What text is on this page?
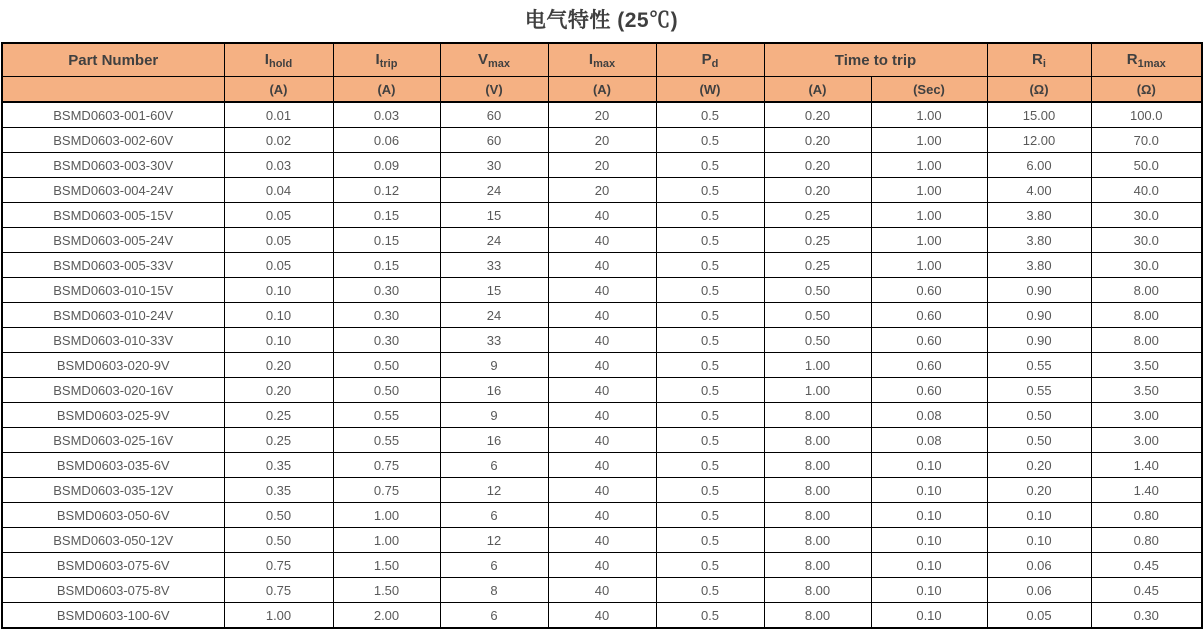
电气特性 (25℃)
Part Number	$I_{hold}$	$I_{trip}$	$V_{max}$	$I_{max}$	$P_d$	Time to trip		$R_i$	$R_{1max}$
	(A)	(A)	(V)	(A)	(W)	(A)	(Sec)	(Ω)	(Ω)
BSMD0603-001-60V	0.01	0.03	60	20	0.5	0.20	1.00	15.00	100.0
BSMD0603-002-60V	0.02	0.06	60	20	0.5	0.20	1.00	12.00	70.0
BSMD0603-003-30V	0.03	0.09	30	20	0.5	0.20	1.00	6.00	50.0
BSMD0603-004-24V	0.04	0.12	24	20	0.5	0.20	1.00	4.00	40.0
BSMD0603-005-15V	0.05	0.15	15	40	0.5	0.25	1.00	3.80	30.0
BSMD0603-005-24V	0.05	0.15	24	40	0.5	0.25	1.00	3.80	30.0
BSMD0603-005-33V	0.05	0.15	33	40	0.5	0.25	1.00	3.80	30.0
BSMD0603-010-15V	0.10	0.30	15	40	0.5	0.50	0.60	0.90	8.00
BSMD0603-010-24V	0.10	0.30	24	40	0.5	0.50	0.60	0.90	8.00
BSMD0603-010-33V	0.10	0.30	33	40	0.5	0.50	0.60	0.90	8.00
BSMD0603-020-9V	0.20	0.50	9	40	0.5	1.00	0.60	0.55	3.50
BSMD0603-020-16V	0.20	0.50	16	40	0.5	1.00	0.60	0.55	3.50
BSMD0603-025-9V	0.25	0.55	9	40	0.5	8.00	0.08	0.50	3.00
BSMD0603-025-16V	0.25	0.55	16	40	0.5	8.00	0.08	0.50	3.00
BSMD0603-035-6V	0.35	0.75	6	40	0.5	8.00	0.10	0.20	1.40
BSMD0603-035-12V	0.35	0.75	12	40	0.5	8.00	0.10	0.20	1.40
BSMD0603-050-6V	0.50	1.00	6	40	0.5	8.00	0.10	0.10	0.80
BSMD0603-050-12V	0.50	1.00	12	40	0.5	8.00	0.10	0.10	0.80
BSMD0603-075-6V	0.75	1.50	6	40	0.5	8.00	0.10	0.06	0.45
BSMD0603-075-8V	0.75	1.50	8	40	0.5	8.00	0.10	0.06	0.45
BSMD0603-100-6V	1.00	2.00	6	40	0.5	8.00	0.10	0.05	0.30
